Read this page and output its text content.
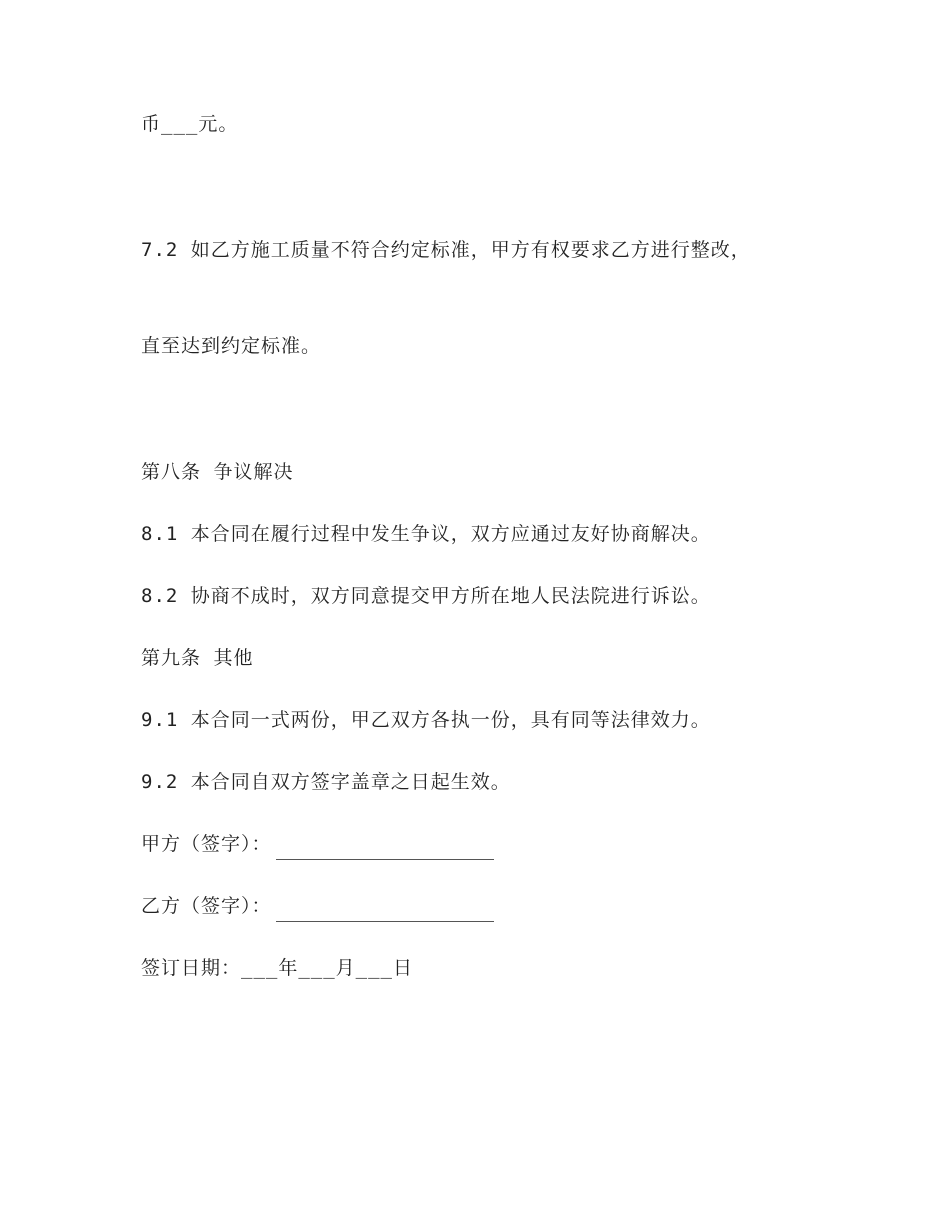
币___元。

7.2 如乙方施工质量不符合约定标准，甲方有权要求乙方进行整改，

直至达到约定标准。

第八条 争议解决

8.1 本合同在履行过程中发生争议，双方应通过友好协商解决。

8.2 协商不成时，双方同意提交甲方所在地人民法院进行诉讼。

第九条 其他

9.1 本合同一式两份，甲乙双方各执一份，具有同等法律效力。

9.2 本合同自双方签字盖章之日起生效。

甲方（签字）：
乙方（签字）：

签订日期：___年___月___日
